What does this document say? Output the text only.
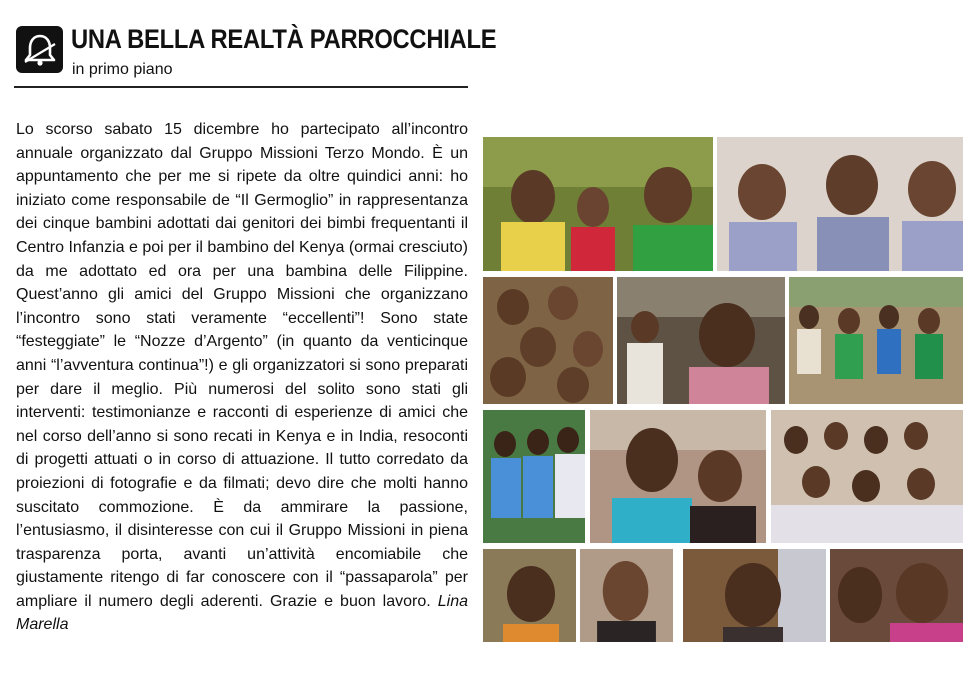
UNA BELLA REALTÀ PARROCCHIALE
in primo piano
Lo scorso sabato 15 dicembre ho partecipato all’incontro annuale organizzato dal Gruppo Missioni Terzo Mondo. È un appuntamento che per me si ripete da oltre quindici anni: ho iniziato come responsabile de “Il Germoglio” in rappresentanza dei cinque bambini adottati dai genitori dei bimbi frequentanti il Centro Infanzia e poi per il bambino del Kenya (ormai cresciuto) da me adottato ed ora per una bambina delle Filippine. Quest’anno gli amici del Gruppo Missioni che organizzano l’incontro sono stati veramente “eccellenti”! Sono state “festeggiate” le “Nozze d’Argento” (in quanto da venticinque anni “l’avventura continua”!) e gli organizzatori si sono preparati per dare il meglio. Più numerosi del solito sono stati gli interventi: testimonianze e racconti di esperienze di amici che nel corso dell’anno si sono recati in Kenya e in India, resoconti di progetti attuati o in corso di attuazione. Il tutto corredato da proiezioni di fotografie e da filmati; devo dire che molti hanno suscitato commozione. È da ammirare la passione, l’entusiasmo, il disinteresse con cui il Gruppo Missioni in piena trasparenza porta, avanti un’attività encomiabile che giustamente ritengo di far conoscere con il “passaparola” per ampliare il numero degli aderenti. Grazie e buon lavoro. Lina Marella
